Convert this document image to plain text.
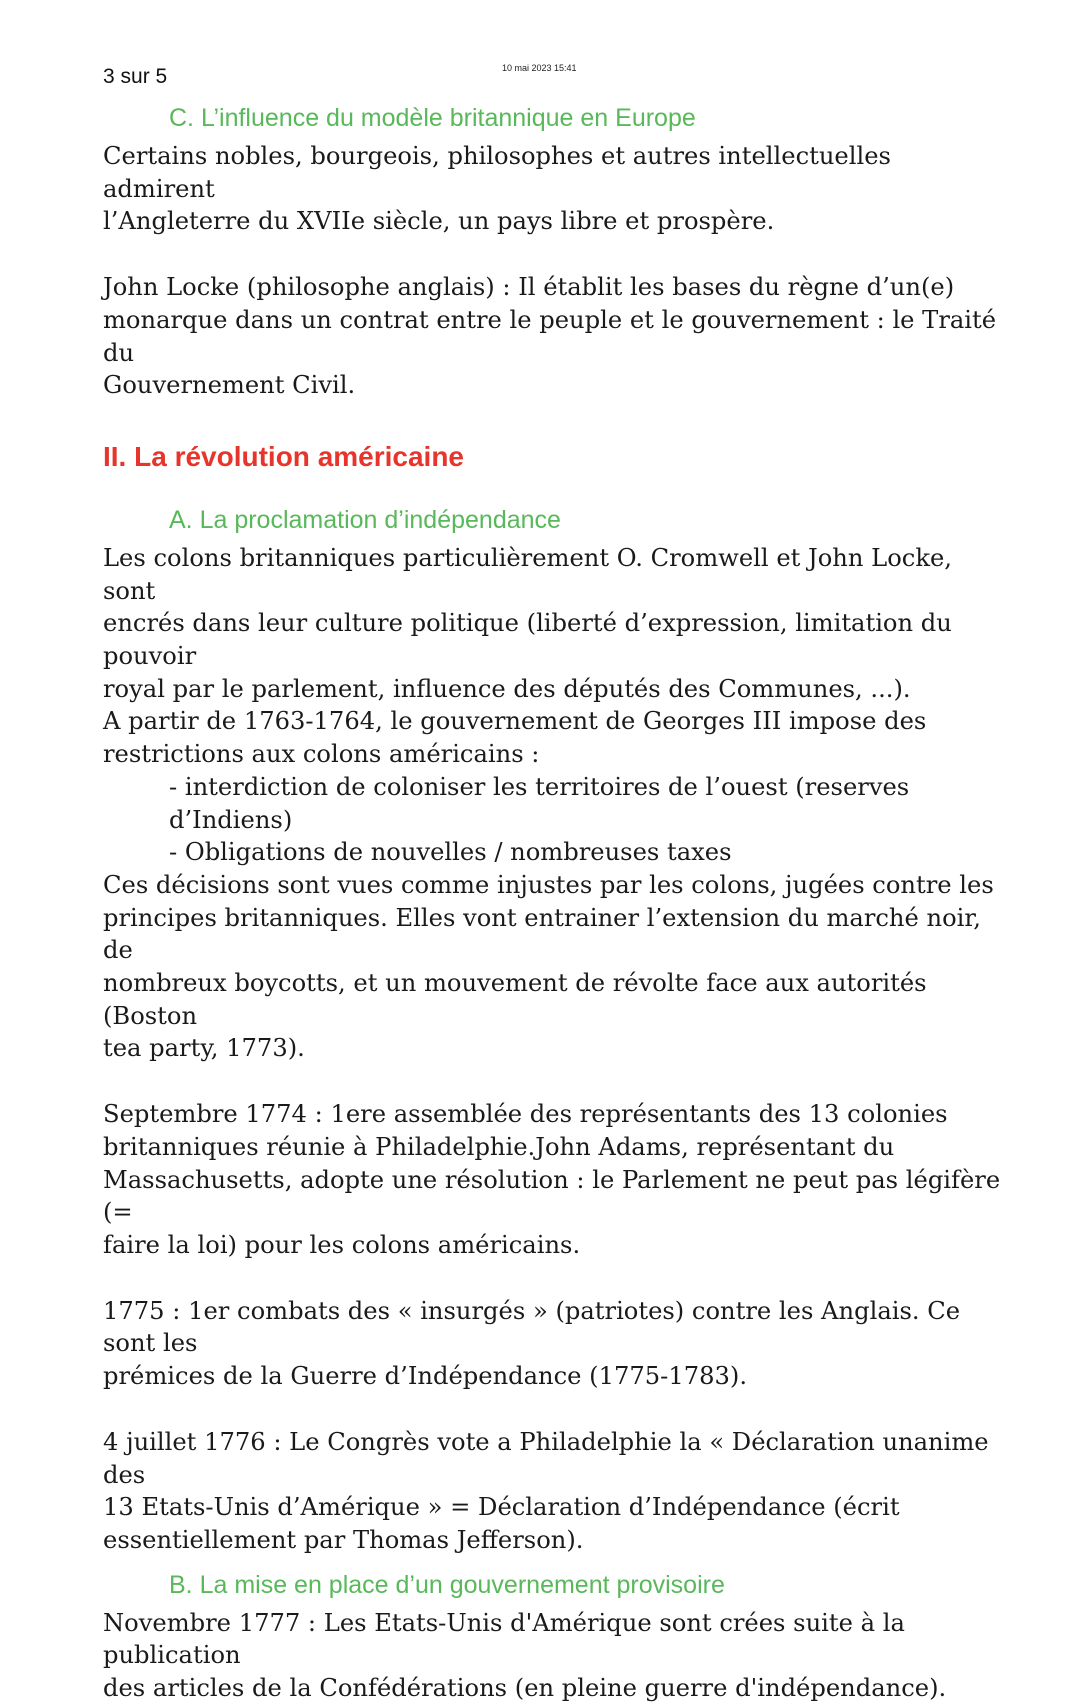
3 sur 5	10 mai 2023 15:41
C. L’influence du modèle britannique en Europe
Certains nobles, bourgeois, philosophes et autres intellectuelles admirent
l’Angleterre du XVIIe siècle, un pays libre et prospère.
John Locke (philosophe anglais) : Il établit les bases du règne d’un(e)
monarque dans un contrat entre le peuple et le gouvernement : le Traité du
Gouvernement Civil.
II. La révolution américaine
A. La proclamation d’indépendance
Les colons britanniques particulièrement O. Cromwell et John Locke, sont
encrés dans leur culture politique (liberté d’expression, limitation du pouvoir
royal par le parlement, influence des députés des Communes, ...).
A partir de 1763-1764, le gouvernement de Georges III impose des
restrictions aux colons américains :
- interdiction de coloniser les territoires de l’ouest (reserves d’Indiens)
- Obligations de nouvelles / nombreuses taxes
Ces décisions sont vues comme injustes par les colons, jugées contre les
principes britanniques. Elles vont entrainer l’extension du marché noir, de
nombreux boycotts, et un mouvement de révolte face aux autorités (Boston
tea party, 1773).
Septembre 1774 : 1ere assemblée des représentants des 13 colonies
britanniques réunie à Philadelphie.John Adams, représentant du
Massachusetts, adopte une résolution : le Parlement ne peut pas légifère (=
faire la loi) pour les colons américains.
1775 : 1er combats des « insurgés » (patriotes) contre les Anglais. Ce sont les
prémices de la Guerre d’Indépendance (1775-1783).
4 juillet 1776 : Le Congrès vote a Philadelphie la « Déclaration unanime des
13 Etats-Unis d’Amérique » = Déclaration d’Indépendance (écrit
essentiellement par Thomas Jefferson).
B. La mise en place d’un gouvernement provisoire
Novembre 1777 : Les Etats-Unis d'Amérique sont crées suite à la publication
des articles de la Confédérations (en pleine guerre d'indépendance).
